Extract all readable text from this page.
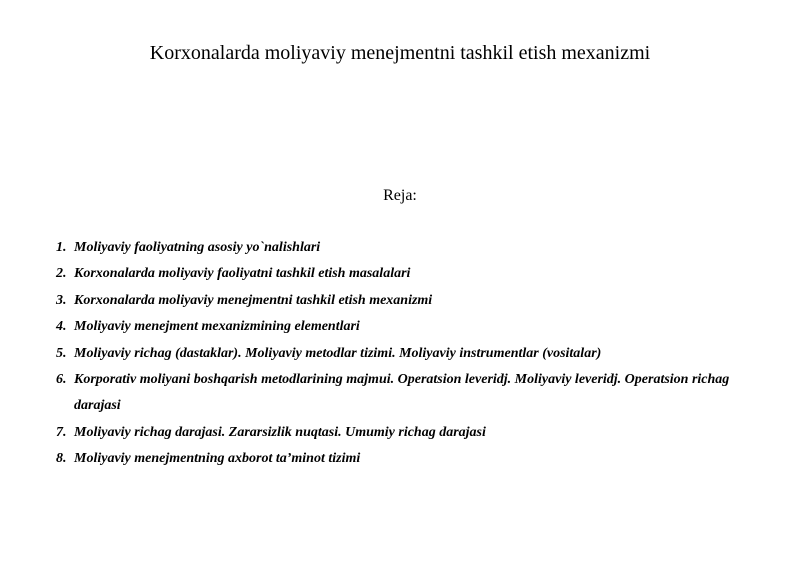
Korxonalarda moliyaviy menejmentni tashkil etish mexanizmi

Reja:

1. Moliyaviy faoliyatning asosiy yo`nalishlari
2. Korxonalarda moliyaviy faoliyatni tashkil etish masalalari
3. Korxonalarda moliyaviy menejmentni tashkil etish mexanizmi
4. Moliyaviy menejment mexanizmining elementlari
5. Moliyaviy richag (dastaklar). Moliyaviy metodlar tizimi. Moliyaviy instrumentlar (vositalar)
6. Korporativ moliyani boshqarish metodlarining majmui. Operatsion leveridj. Moliyaviy leveridj. Operatsion richag darajasi
7. Moliyaviy richag darajasi. Zararsizlik nuqtasi. Umumiy richag darajasi
8. Moliyaviy menejmentning axborot ta’minot tizimi
